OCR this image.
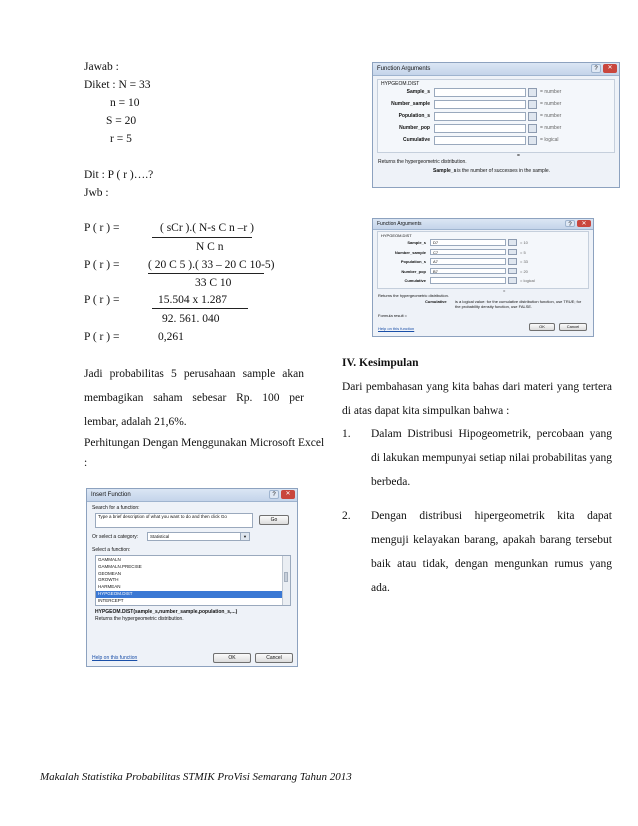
Jawab :
Diket : N = 33
n = 10
S = 20
r = 5
Dit : P ( r )….?
Jwb :
P ( r ) =	( sCr ).( N-s C n –r )
N C n
P ( r ) = ( 20 C 5 ).( 33 – 20 C 10-5)
33 C 10
P ( r ) =	15.504 x 1.287
92. 561. 040
P ( r ) =	0,261
Jadi probabilitas 5 perusahaan sample akan membagikan saham sebesar Rp. 100 per lembar, adalah 21,6%.
Perhitungan Dengan Menggunakan Microsoft Excel
:
Insert Function	?	✕
Search for a function:
Type a brief description of what you want to do and then click Go
Go
Or select a category:	Statistical	▼
Select a function:
GAMMALN
GAMMALN.PRECISE
GEOMEAN
GROWTH
HARMEAN
HYPGEOM.DIST
INTERCEPT
HYPGEOM.DIST(sample_s,number_sample,population_s,...)
Returns the hypergeometric distribution.
Help on this function	OK	Cancel
Function Arguments	?	✕
HYPGEOM.DIST
Sample_s	= number
Number_sample	= number
Population_s	= number
Number_pop	= number
Cumulative	= logical
=
Returns the hypergeometric distribution.
Sample_s is the number of successes in the sample.
Function Arguments	?	✕
HYPGEOM.DIST
Sample_s	D7	= 10
Number_sample	C7	= 5
Population_s	A7	= 33
Number_pop	B7	= 20
Cumulative	= logical
=
Returns the hypergeometric distribution.
Cumulative is a logical value: for the cumulative distribution function, use TRUE; for the probability density function, use FALSE.
Formula result =
Help on this function	OK	Cancel
IV. Kesimpulan
Dari pembahasan yang kita bahas dari materi yang tertera di atas dapat kita simpulkan bahwa :
1. Dalam Distribusi Hipogeometrik, percobaan yang di lakukan mempunyai setiap nilai probabilitas yang berbeda.
2. Dengan distribusi hipergeometrik kita dapat menguji kelayakan barang, apakah barang tersebut baik atau tidak, dengan mengunkan rumus yang ada.
Makalah Statistika Probabilitas STMIK ProVisi Semarang Tahun 2013
